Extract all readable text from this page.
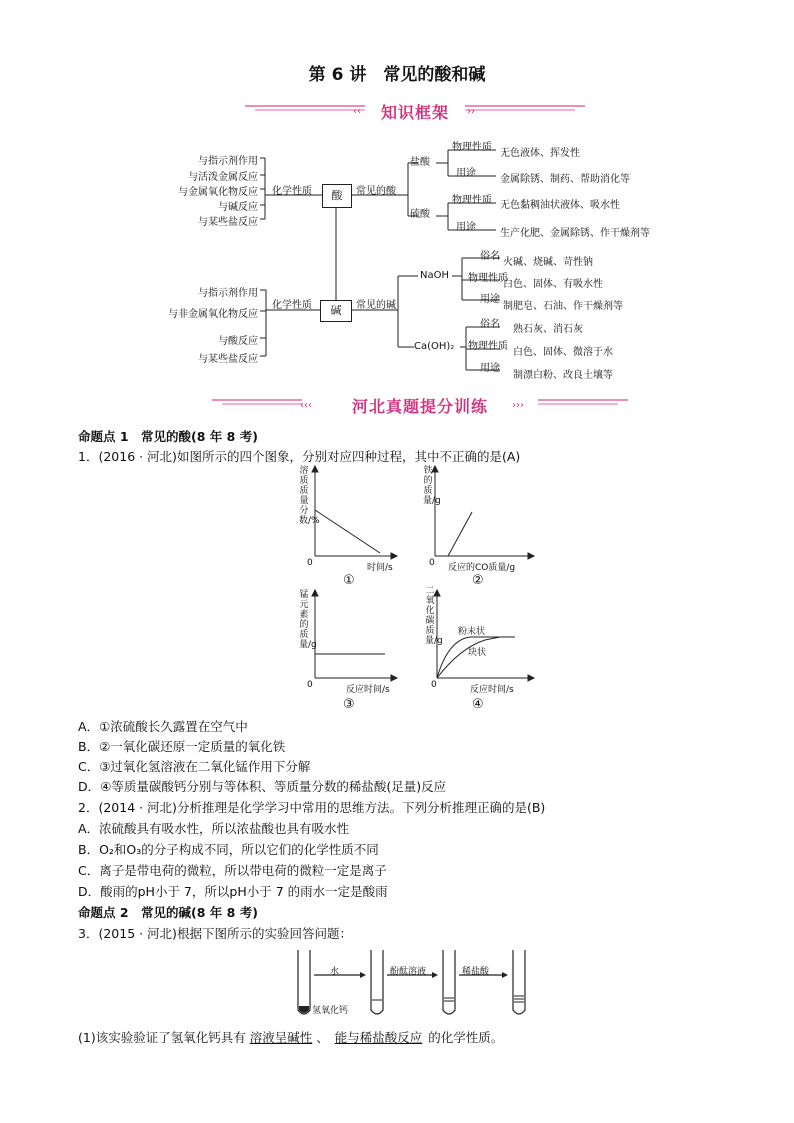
第 6 讲　常见的酸和碱
‹‹	››
知识框架
与指示剂作用
与活泼金属反应
与金属氧化物反应
与碱反应
与某些盐反应
化学性质	酸	常见的酸
盐酸
硫酸
物理性质
用途
无色液体、挥发性
金属除锈、制药、帮助消化等
物理性质
用途
无色黏稠油状液体、吸水性
生产化肥、金属除锈、作干燥剂等
与指示剂作用
与非金属氧化物反应
与酸反应
与某些盐反应
化学性质	碱	常见的碱
NaOH
Ca(OH)₂
俗名
物理性质
用途
火碱、烧碱、苛性钠
白色、固体、有吸水性
制肥皂、石油、作干燥剂等
俗名
物理性质
用途
熟石灰、消石灰
白色、固体、微溶于水
制漂白粉、改良土壤等
‹‹‹	›››
河北真题提分训练
命题点 1　常见的酸(8 年 8 考)
1．(2016 · 河北)如图所示的四个图象，分别对应四种过程，其中不正确的是(A)
溶质质量分数/%
0	时间/s
①
铁的质量/g
0 反应的CO质量/g
②
锰元素的质量/g
0	反应时间/s
③
二氧化碳质量/g
0	反应时间/s
粉末状
块状
④
A．①浓硫酸长久露置在空气中
B．②一氧化碳还原一定质量的氧化铁
C．③过氧化氢溶液在二氧化锰作用下分解
D．④等质量碳酸钙分别与等体积、等质量分数的稀盐酸(足量)反应
2．(2014 · 河北)分析推理是化学学习中常用的思维方法。下列分析推理正确的是(B)
A．浓硫酸具有吸水性，所以浓盐酸也具有吸水性
B．O₂和O₃的分子构成不同，所以它们的化学性质不同
C．离子是带电荷的微粒，所以带电荷的微粒一定是离子
D．酸雨的pH小于 7，所以pH小于 7 的雨水一定是酸雨
命题点 2　常见的碱(8 年 8 考)
3．(2015 · 河北)根据下图所示的实验回答问题：
水
氢氧化钙
酚酞溶液	稀盐酸
(1)该实验验证了氢氧化钙具有 溶液呈碱性 、 能与稀盐酸反应 的化学性质。
